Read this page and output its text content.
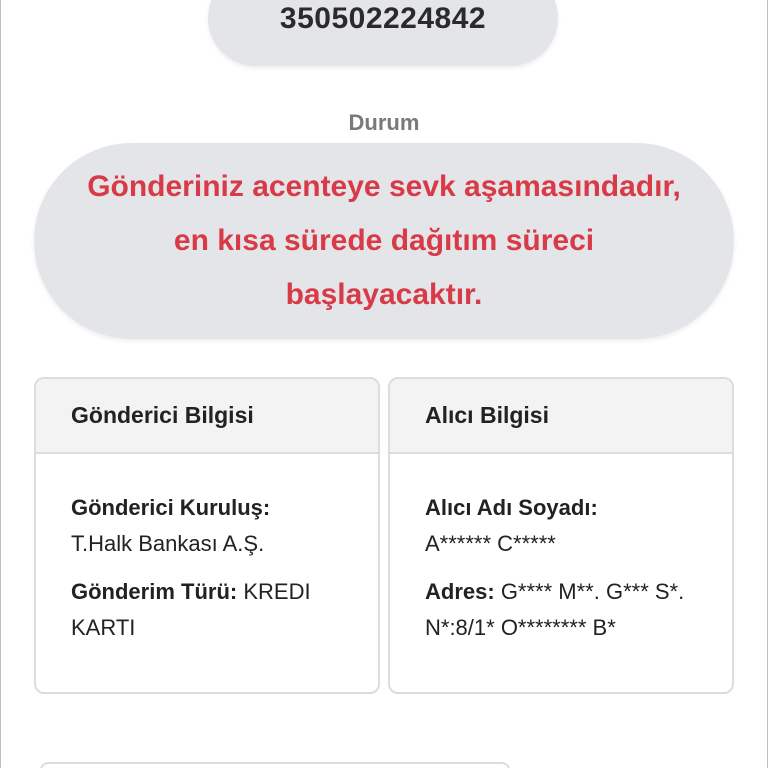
350502224842
Durum
Gönderiniz acenteye sevk aşamasındadır,
en kısa sürede dağıtım süreci
başlayacaktır.
Gönderici Bilgisi
Gönderici Kuruluş:
T.Halk Bankası A.Ş.
Gönderim Türü: KREDI KARTI
Alıcı Bilgisi
Alıcı Adı Soyadı:
A****** C*****
Adres: G**** M**. G*** S*. N*:8/1* O******** B*
